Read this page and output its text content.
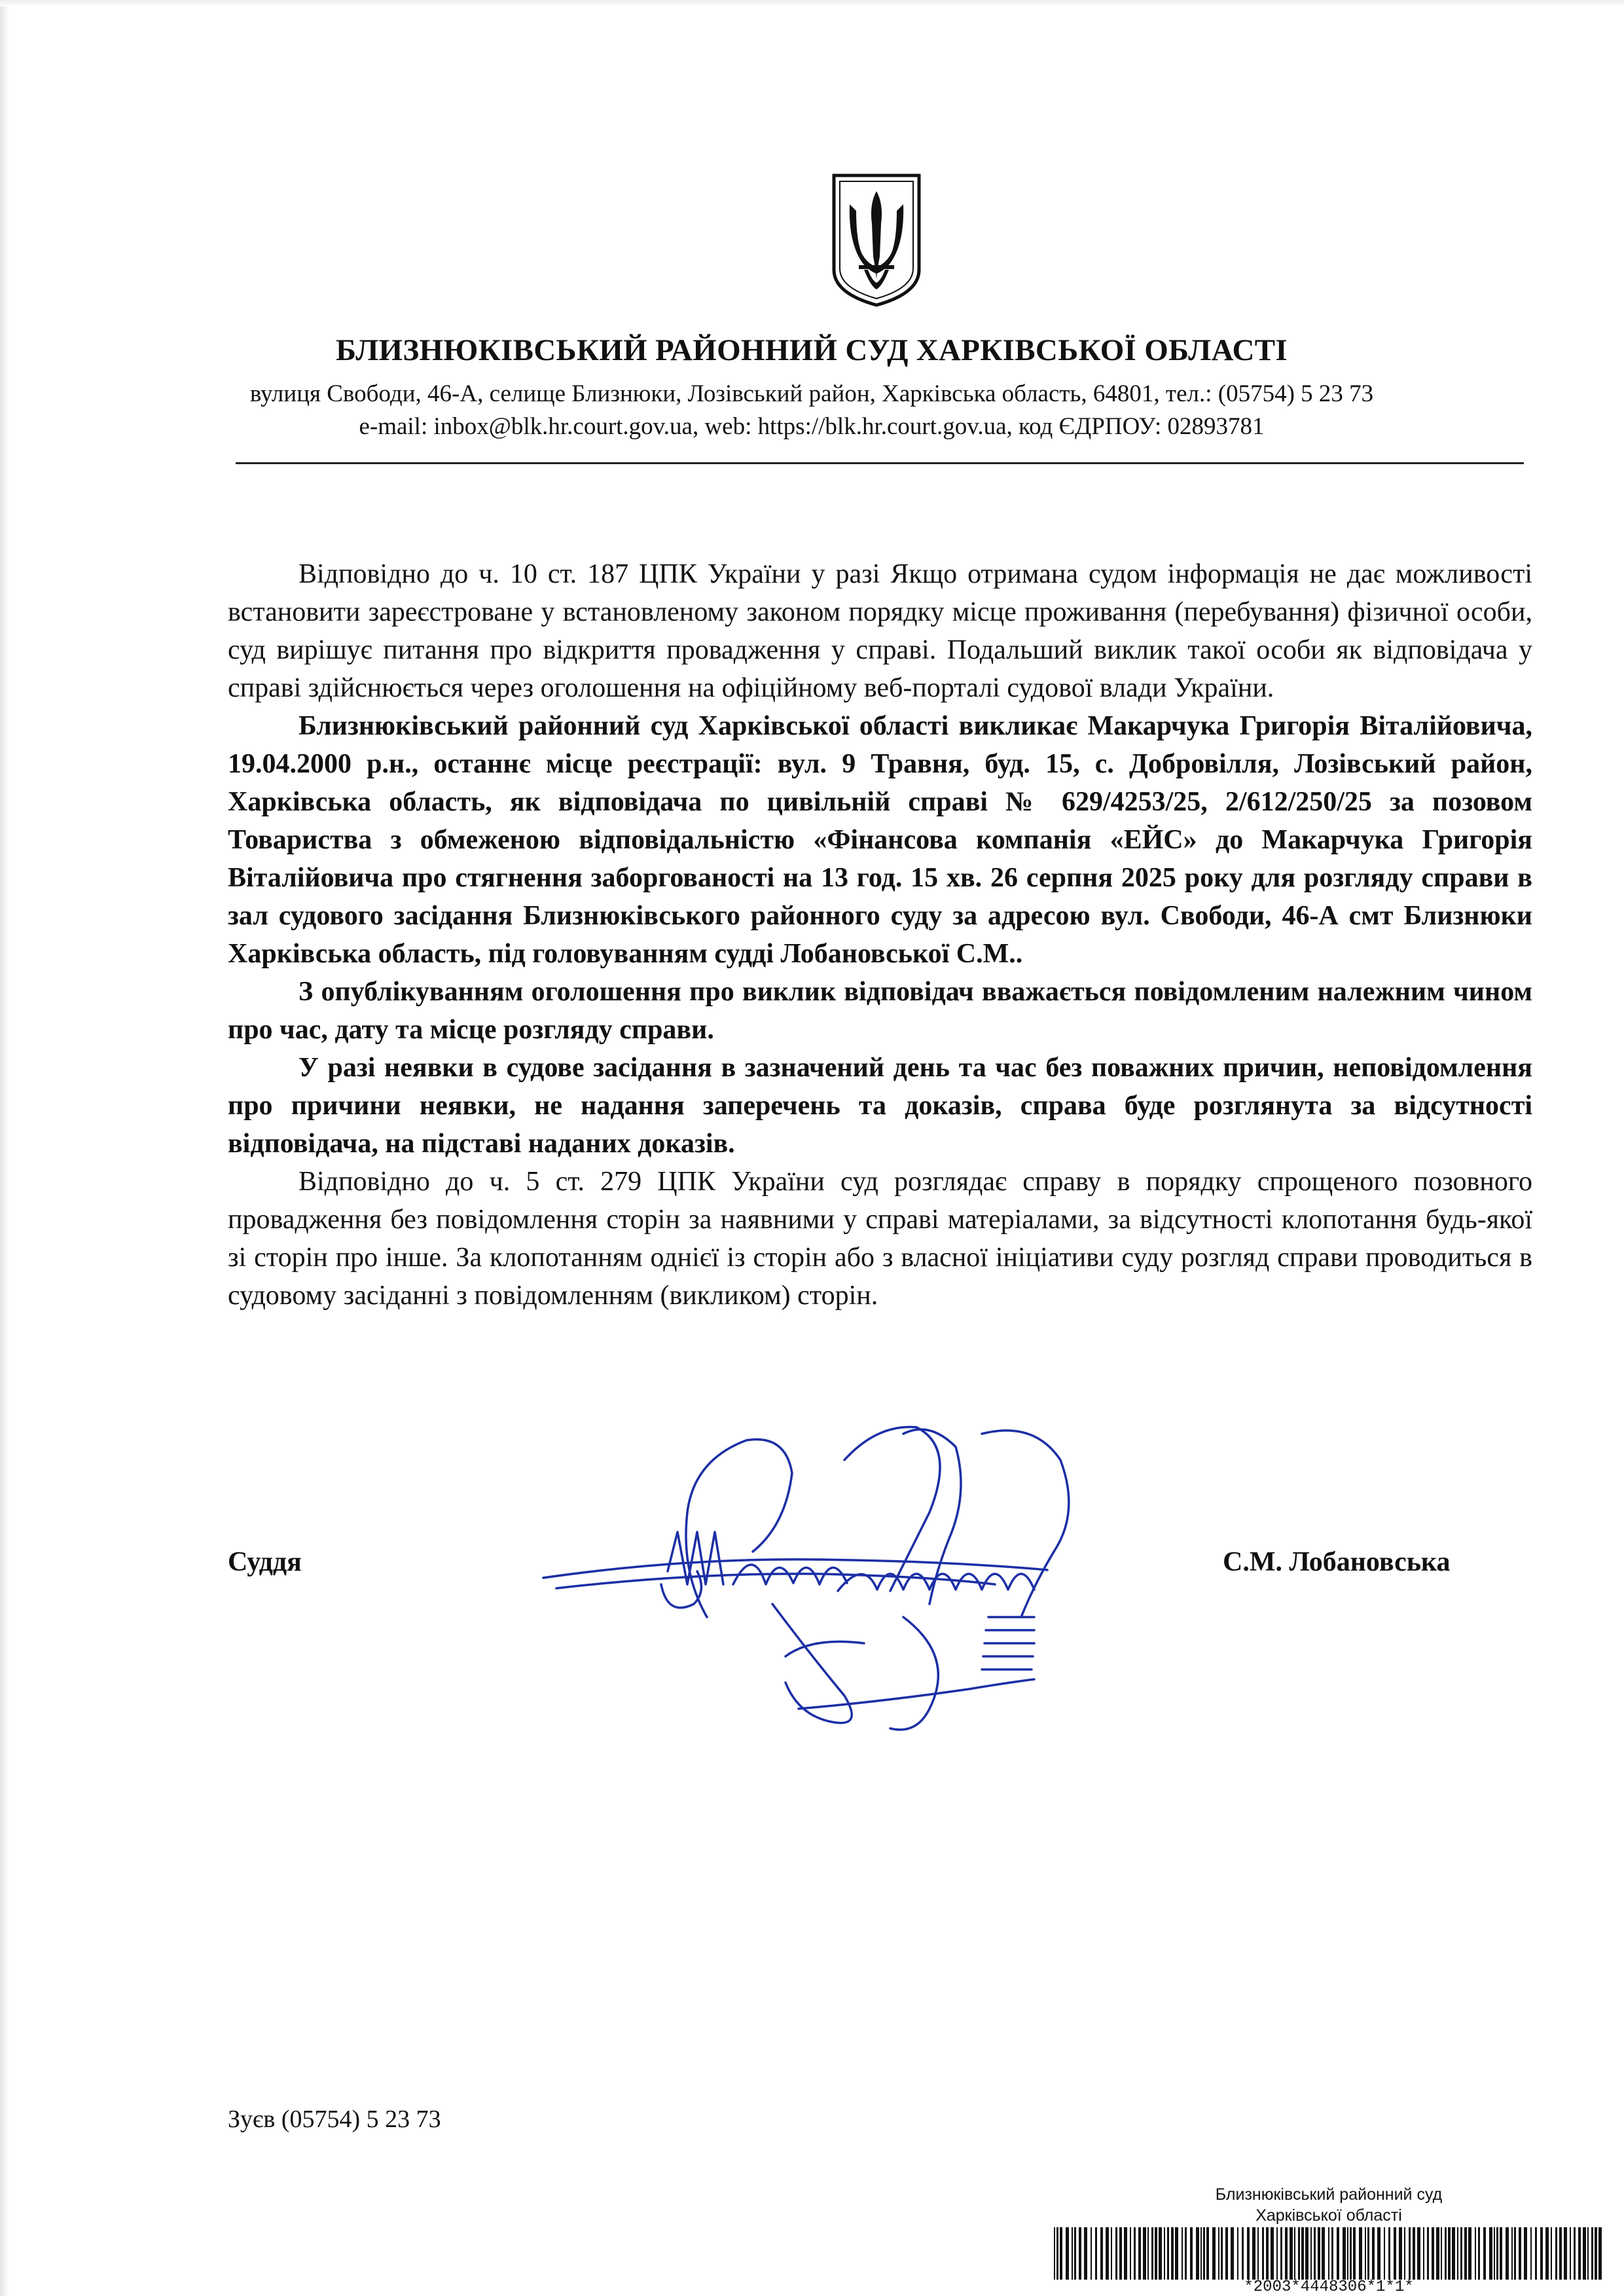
БЛИЗНЮКІВСЬКИЙ РАЙОННИЙ СУД ХАРКІВСЬКОЇ ОБЛАСТІ
вулиця Свободи, 46-А, селище Близнюки, Лозівський район, Харківська область, 64801, тел.: (05754) 5 23 73
e-mail: inbox@blk.hr.court.gov.ua, web: https://blk.hr.court.gov.ua, код ЄДРПОУ: 02893781

Відповідно до ч. 10 ст. 187 ЦПК України у разі Якщо отримана судом інформація не дає можливості встановити зареєстроване у встановленому законом порядку місце проживання (перебування) фізичної особи, суд вирішує питання про відкриття провадження у справі. Подальший виклик такої особи як відповідача у справі здійснюється через оголошення на офіційному веб-порталі судової влади України.

Близнюківський районний суд Харківської області викликає Макарчука Григорія Віталійовича, 19.04.2000 р.н., останнє місце реєстрації: вул. 9 Травня, буд. 15, с. Добровілля, Лозівський район, Харківська область, як відповідача по цивільній справі № 629/4253/25, 2/612/250/25 за позовом Товариства з обмеженою відповідальністю «Фінансова компанія «ЕЙС» до Макарчука Григорія Віталійовича про стягнення заборгованості на 13 год. 15 хв. 26 серпня 2025 року для розгляду справи в зал судового засідання Близнюківського районного суду за адресою вул. Свободи, 46-А смт Близнюки Харківська область, під головуванням судді Лобановської С.М..

З опублікуванням оголошення про виклик відповідач вважається повідомленим належним чином про час, дату та місце розгляду справи.

У разі неявки в судове засідання в зазначений день та час без поважних причин, неповідомлення про причини неявки, не надання заперечень та доказів, справа буде розглянута за відсутності відповідача, на підставі наданих доказів.

Відповідно до ч. 5 ст. 279 ЦПК України суд розглядає справу в порядку спрощеного позовного провадження без повідомлення сторін за наявними у справі матеріалами, за відсутності клопотання будь-якої зі сторін про інше. За клопотанням однієї із сторін або з власної ініціативи суду розгляд справи проводиться в судовому засіданні з повідомленням (викликом) сторін.

Суддя	С.М. Лобановська
Зуєв (05754) 5 23 73
Близнюківський районний суд
Харківської області
*2003*4448306*1*1*
